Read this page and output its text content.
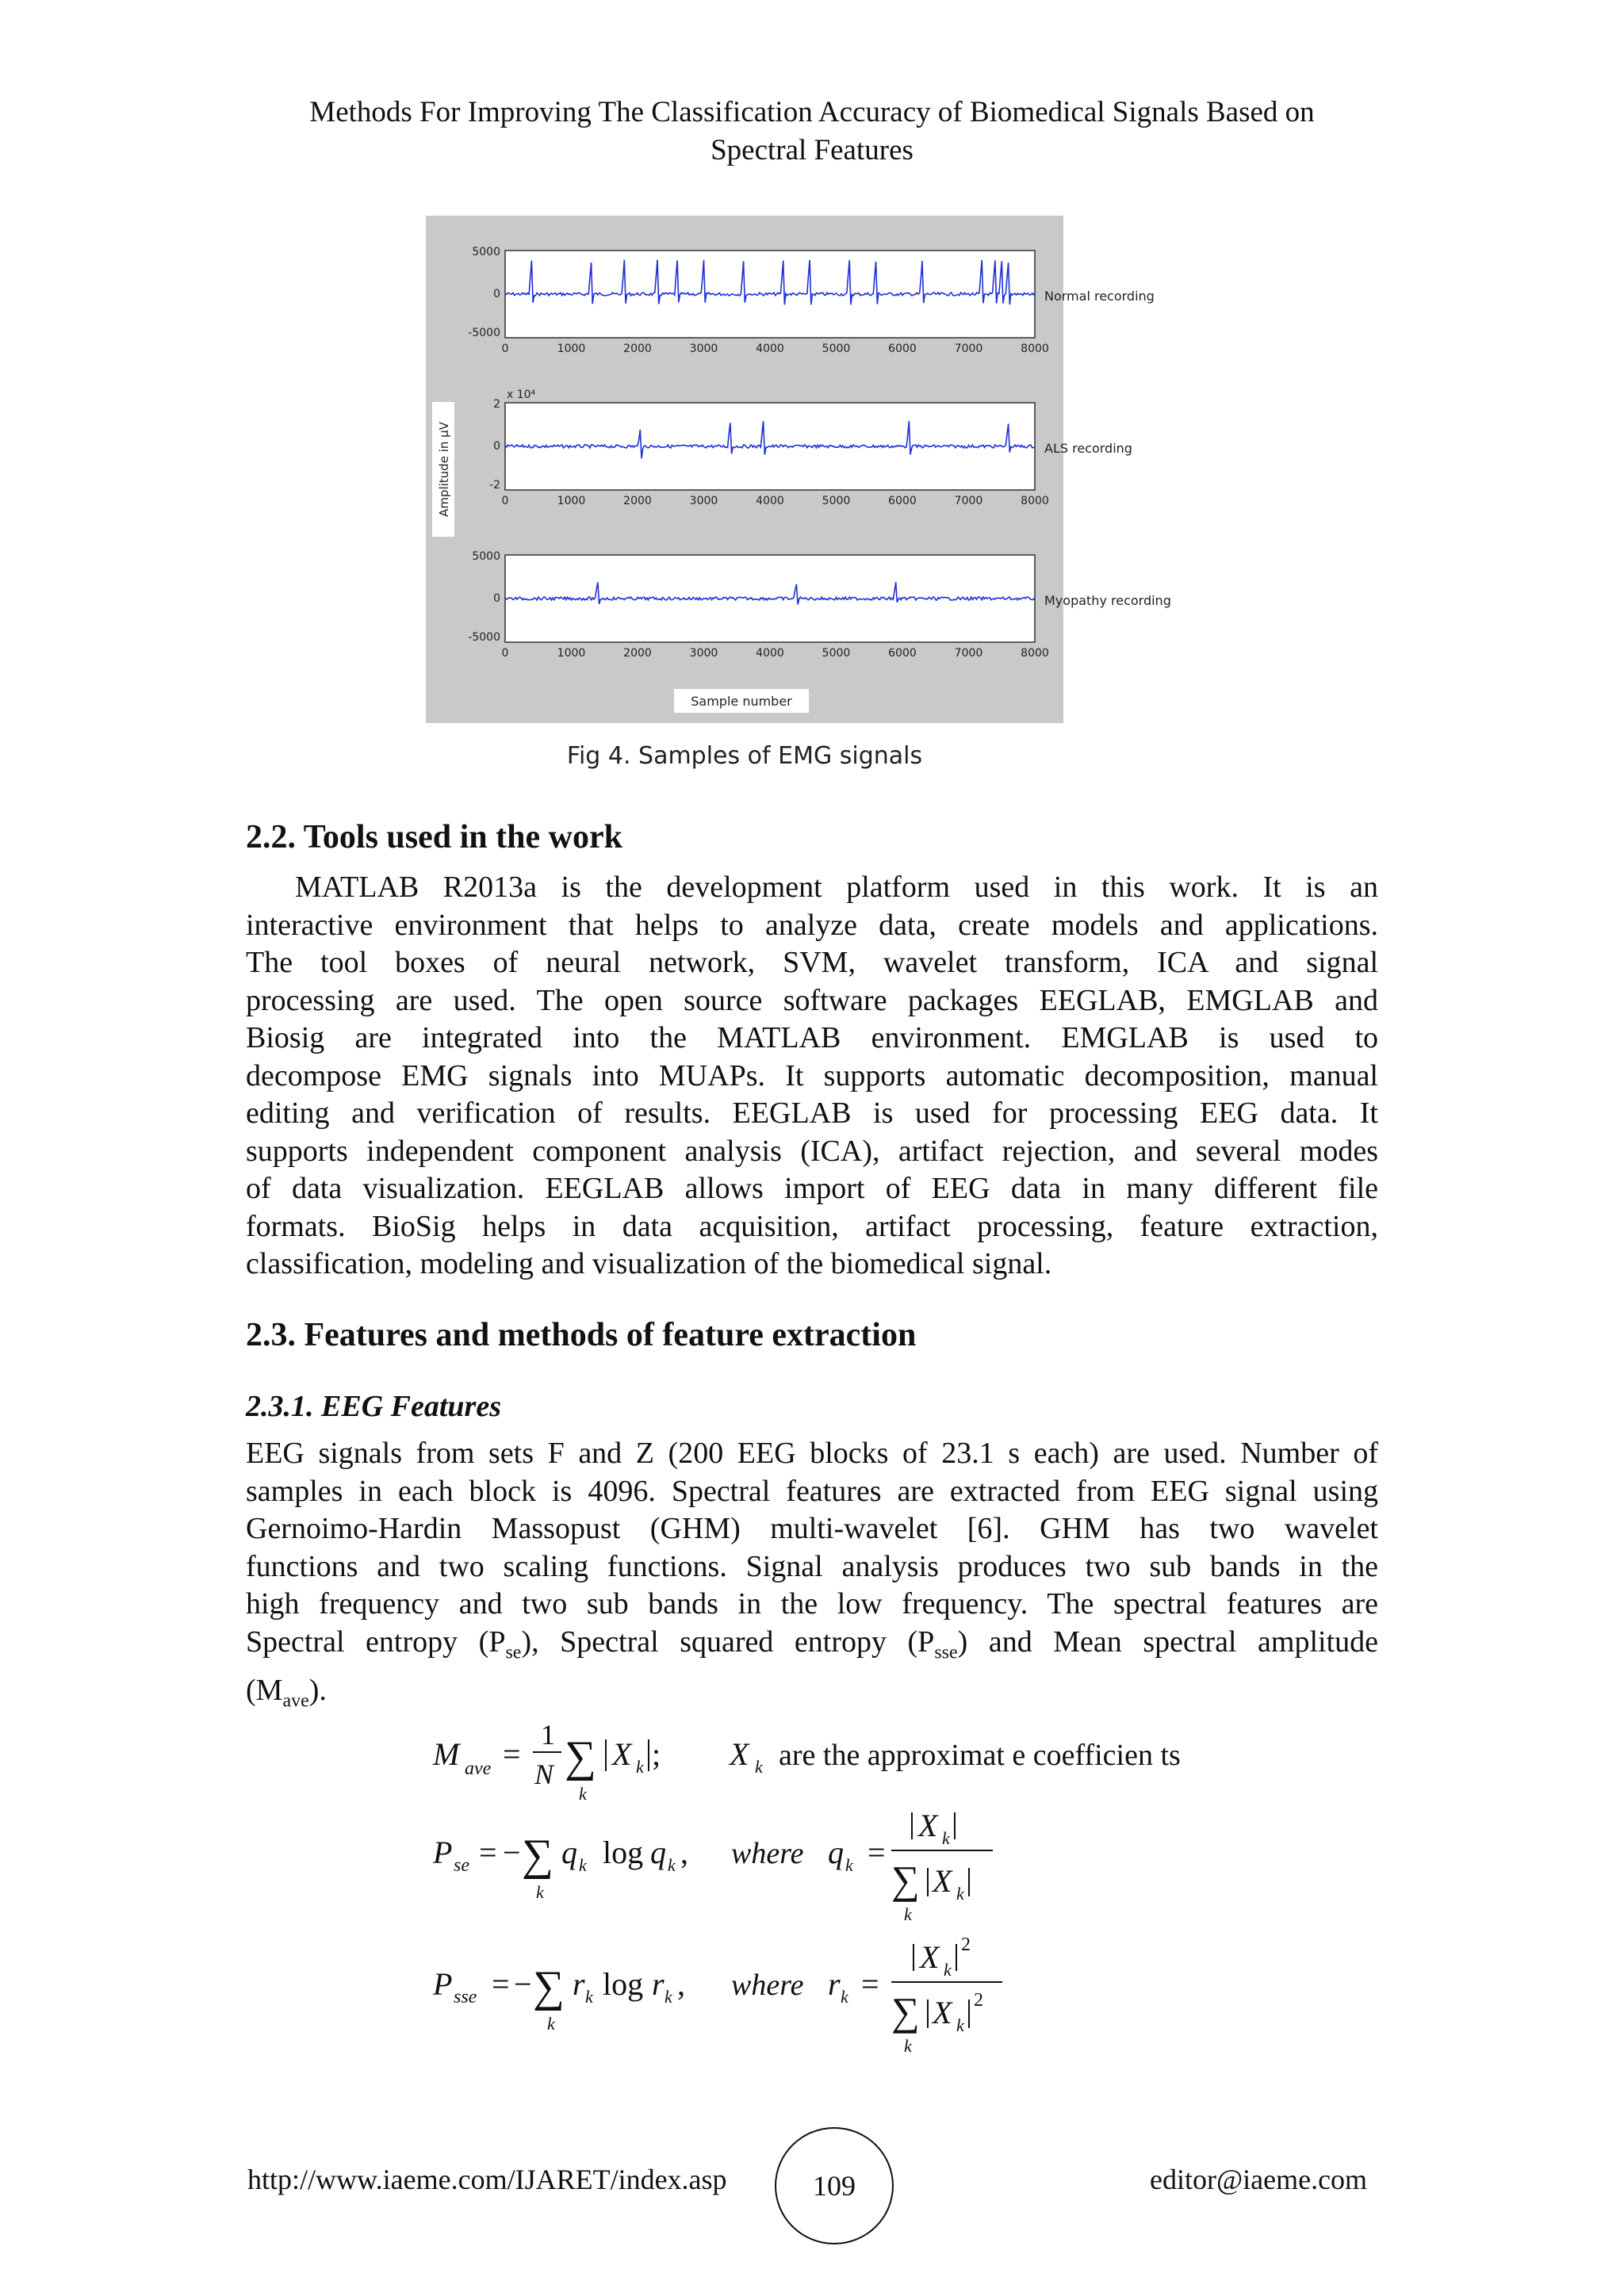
Methods For Improving The Classification Accuracy of Biomedical Signals Based on
Spectral Features
Amplitude in µV
Sample number
5000
0
-5000
0	1000	2000	3000	4000	5000	6000	7000	8000
Normal recording
2
0
-2
0	1000	2000	3000	4000	5000	6000	7000	8000
x 10⁴
ALS recording
5000
0
-5000
0	1000	2000	3000	4000	5000	6000	7000	8000
Myopathy recording
Fig 4. Samples of EMG signals
2.2. Tools used in the work
MATLAB R2013a is the development platform used in this work. It is an
interactive environment that helps to analyze data, create models and applications.
The tool boxes of neural network, SVM, wavelet transform, ICA and signal
processing are used. The open source software packages EEGLAB, EMGLAB and
Biosig are integrated into the MATLAB environment. EMGLAB is used to
decompose EMG signals into MUAPs. It supports automatic decomposition, manual
editing and verification of results. EEGLAB is used for processing EEG data. It
supports independent component analysis (ICA), artifact rejection, and several modes
of data visualization. EEGLAB allows import of EEG data in many different file
formats. BioSig helps in data acquisition, artifact processing, feature extraction,
classification, modeling and visualization of the biomedical signal.
2.3. Features and methods of feature extraction
2.3.1. EEG Features
EEG signals from sets F and Z (200 EEG blocks of 23.1 s each) are used. Number of
samples in each block is 4096. Spectral features are extracted from EEG signal using
Gernoimo-Hardin Massopust (GHM) multi-wavelet [6]. GHM has two wavelet
functions and two scaling functions. Signal analysis produces two sub bands in the
high frequency and two sub bands in the low frequency. The spectral features are
Spectral entropy $(P_{se})$, Spectral squared entropy $(P_{sse})$ and Mean spectral amplitude
$(M_{ave})$.
M ave =
1
N ∑
k
X k ; X k are the approximat e coefficien ts
P se = − ∑
k
q k log q k , where q k =
X k
∑
k
X k
P sse = − ∑
k
r k log r k , where r k =
X k
2
∑
k
X k
2
http://www.iaeme.com/IJARET/index.asp	109	editor@iaeme.com
